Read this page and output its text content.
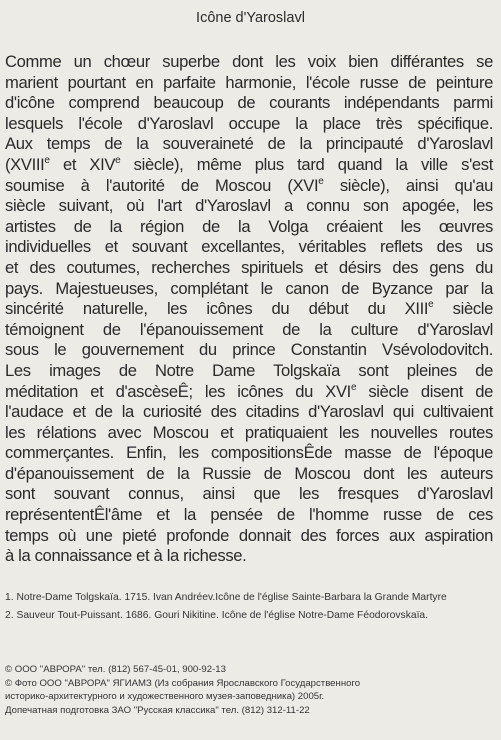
Icône d'Yaroslavl

Comme un chœur superbe dont les voix bien différantes se
marient pourtant en parfaite harmonie, l'école russe de peinture
d'icône comprend beaucoup de courants indépendants parmi
lesquels l'école d'Yaroslavl occupe la place très spécifique.
Aux temps de la souveraineté de la principauté d'Yaroslavl
(XVIIIe et XIVe siècle), même plus tard quand la ville s'est
soumise à l'autorité de Moscou (XVIe siècle), ainsi qu'au
siècle suivant, où l'art d'Yaroslavl a connu son apogée, les
artistes de la région de la Volga créaient les œuvres
individuelles et souvant excellantes, véritables reflets des us
et des coutumes, recherches spirituels et désirs des gens du
pays. Majestueuses, complétant le canon de Byzance par la
sincérité naturelle, les icônes du début du XIIIe siècle
témoignent de l'épanouissement de la culture d'Yaroslavl
sous le gouvernement du prince Constantin Vsévolodovitch.
Les images de Notre Dame Tolgskaïa sont pleines de
méditation et d'ascèseÊ; les icônes du XVIe siècle disent de
l'audace et de la curiosité des citadins d'Yaroslavl qui cultivaient
les rélations avec Moscou et pratiquaient les nouvelles routes
commerçantes. Enfin, les compositionsÊde masse de l'époque
d'épanouissement de la Russie de Moscou dont les auteurs
sont souvant connus, ainsi que les fresques d'Yaroslavl
représententÊl'âme et la pensée de l'homme russe de ces
temps où une pieté profonde donnait des forces aux aspiration
à la connaissance et à la richesse.

1. Notre-Dame Tolgskaïa. 1715. Ivan Andréev.Icône de l'église Sainte-Barbara la Grande Martyre

2. Sauveur Tout-Puissant. 1686. Gouri Nikitine. Icône de l'église Notre-Dame Féodorovskaïa.

© ООО "АВРОРА" тел. (812) 567-45-01, 900-92-13

© Фото ООО "АВРОРА" ЯГИАМЗ (Из собрания Ярославского Государственного

историко-архитектурного и художественного музея-заповедника) 2005г.

Допечатная подготовка ЗАО "Русская классика" тел. (812) 312-11-22
